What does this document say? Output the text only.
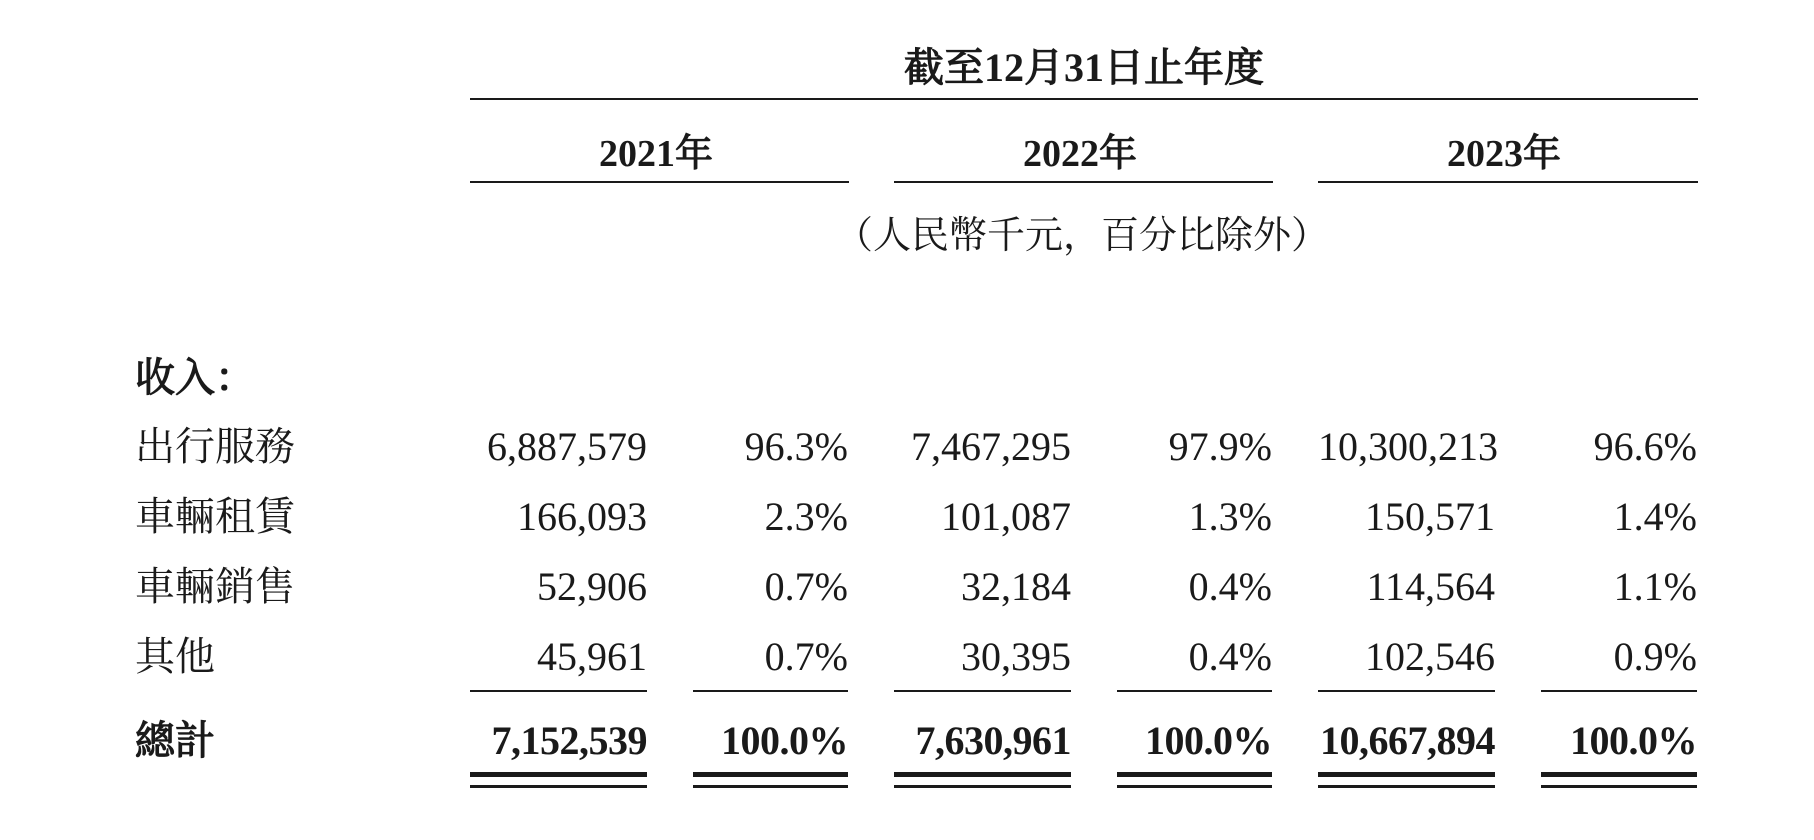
截至12月31日止年度
2021年	2022年	2023年
（人民幣千元，百分比除外）
收入：
出行服務	6,887,579	96.3%	7,467,295	97.9% 10,300,213	96.6%
車輛租賃	166,093	2.3%	101,087	1.3%	150,571	1.4%
車輛銷售	52,906	0.7%	32,184	0.4%	114,564	1.1%
其他	45,961	0.7%	30,395	0.4%	102,546	0.9%
總計	7,152,539	100.0%	7,630,961	100.0% 10,667,894	100.0%
